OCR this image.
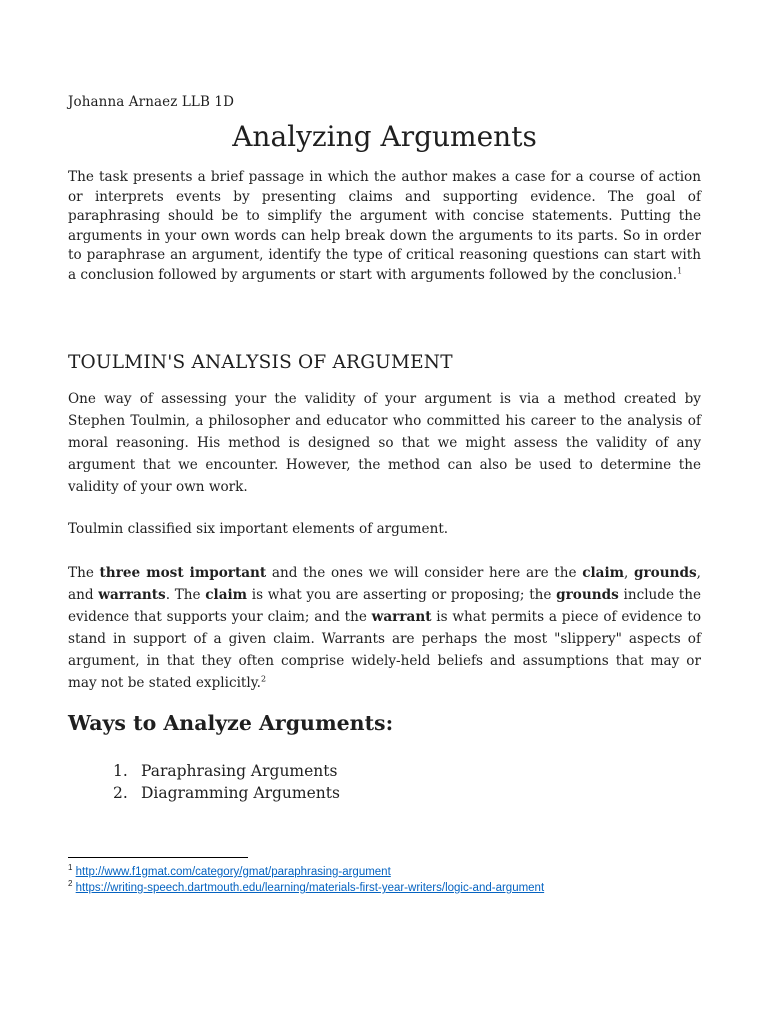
Johanna Arnaez LLB 1D
Analyzing Arguments

The task presents a brief passage in which the author makes a case for a course of action or interprets events by presenting claims and supporting evidence. The goal of paraphrasing should be to simplify the argument with concise statements. Putting the arguments in your own words can help break down the arguments to its parts. So in order to paraphrase an argument, identify the type of critical reasoning questions can start with a conclusion followed by arguments or start with arguments followed by the conclusion.$^1$

TOULMIN'S ANALYSIS OF ARGUMENT

One way of assessing your the validity of your argument is via a method created by Stephen Toulmin, a philosopher and educator who committed his career to the analysis of moral reasoning. His method is designed so that we might assess the validity of any argument that we encounter. However, the method can also be used to determine the validity of your own work.

Toulmin classified six important elements of argument.

The three most important and the ones we will consider here are the claim, grounds, and warrants. The claim is what you are asserting or proposing; the grounds include the evidence that supports your claim; and the warrant is what permits a piece of evidence to stand in support of a given claim. Warrants are perhaps the most "slippery" aspects of argument, in that they often comprise widely-held beliefs and assumptions that may or may not be stated explicitly.$^2$

Ways to Analyze Arguments:
1. Paraphrasing Arguments
2. Diagramming Arguments
$^1$ http://www.f1gmat.com/category/gmat/paraphrasing-argument
$^2$ https://writing-speech.dartmouth.edu/learning/materials-first-year-writers/logic-and-argument
